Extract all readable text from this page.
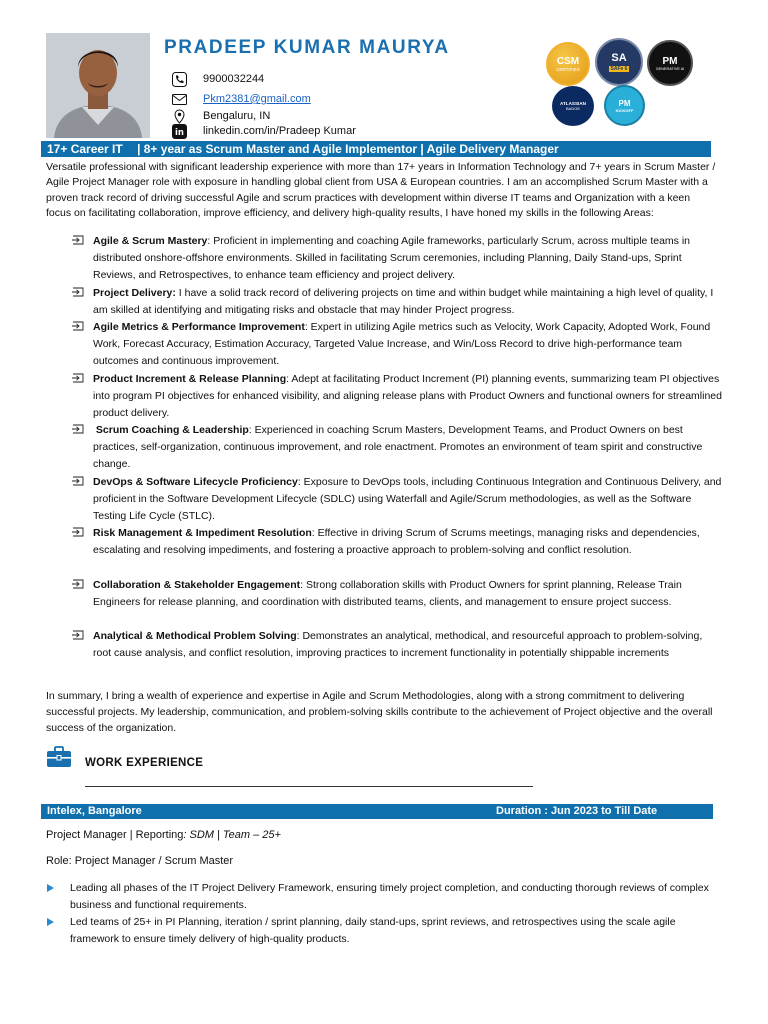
PRADEEP KUMAR MAURYA
9900032244
Pkm2381@gmail.com
Bengaluru, IN
in linkedin.com/in/Pradeep Kumar
CSM
CERTIFIED
SA
SAFe 6
PM
GENERATIVE AI
ATLASSIAN
BADGE
PM
KICKOFF
17+ Career IT | 8+ year as Scrum Master and Agile Implementor | Agile Delivery Manager
Versatile professional with significant leadership experience with more than 17+ years in Information Technology and 7+ years in Scrum Master / Agile Project Manager role with exposure in handling global client from USA & European countries. I am an accomplished Scrum Master with a proven track record of driving successful Agile and scrum practices with development within diverse IT teams and Organization with a keen focus on facilitating collaboration, improve efficiency, and delivery high-quality results, I have honed my skills in the following Areas:
Agile & Scrum Mastery: Proficient in implementing and coaching Agile frameworks, particularly Scrum, across multiple teams in distributed onshore-offshore environments. Skilled in facilitating Scrum ceremonies, including Planning, Daily Stand-ups, Sprint Reviews, and Retrospectives, to enhance team efficiency and project delivery.
Project Delivery: I have a solid track record of delivering projects on time and within budget while maintaining a high level of quality, I am skilled at identifying and mitigating risks and obstacle that may hinder Project progress.
Agile Metrics & Performance Improvement: Expert in utilizing Agile metrics such as Velocity, Work Capacity, Adopted Work, Found Work, Forecast Accuracy, Estimation Accuracy, Targeted Value Increase, and Win/Loss Record to drive high-performance team outcomes and continuous improvement.
Product Increment & Release Planning: Adept at facilitating Product Increment (PI) planning events, summarizing team PI objectives into program PI objectives for enhanced visibility, and aligning release plans with Product Owners and functional owners for streamlined product delivery.
Scrum Coaching & Leadership: Experienced in coaching Scrum Masters, Development Teams, and Product Owners on best practices, self-organization, continuous improvement, and role enactment. Promotes an environment of team spirit and constructive change.
DevOps & Software Lifecycle Proficiency: Exposure to DevOps tools, including Continuous Integration and Continuous Delivery, and proficient in the Software Development Lifecycle (SDLC) using Waterfall and Agile/Scrum methodologies, as well as the Software Testing Life Cycle (STLC).
Risk Management & Impediment Resolution: Effective in driving Scrum of Scrums meetings, managing risks and dependencies, escalating and resolving impediments, and fostering a proactive approach to problem-solving and conflict resolution.
Collaboration & Stakeholder Engagement: Strong collaboration skills with Product Owners for sprint planning, Release Train Engineers for release planning, and coordination with distributed teams, clients, and management to ensure project success.
Analytical & Methodical Problem Solving: Demonstrates an analytical, methodical, and resourceful approach to problem-solving, root cause analysis, and conflict resolution, improving practices to increment functionality in potentially shippable increments
In summary, I bring a wealth of experience and expertise in Agile and Scrum Methodologies, along with a strong commitment to delivering successful projects. My leadership, communication, and problem-solving skills contribute to the achievement of Project objective and the overall success of the organization.
WORK EXPERIENCE
Intelex, Bangalore	Duration : Jun 2023 to Till Date
Project Manager | Reporting: SDM | Team – 25+
Role: Project Manager / Scrum Master
Leading all phases of the IT Project Delivery Framework, ensuring timely project completion, and conducting thorough reviews of complex business and functional requirements.
Led teams of 25+ in PI Planning, iteration / sprint planning, daily stand-ups, sprint reviews, and retrospectives using the scale agile framework to ensure timely delivery of high-quality products.
